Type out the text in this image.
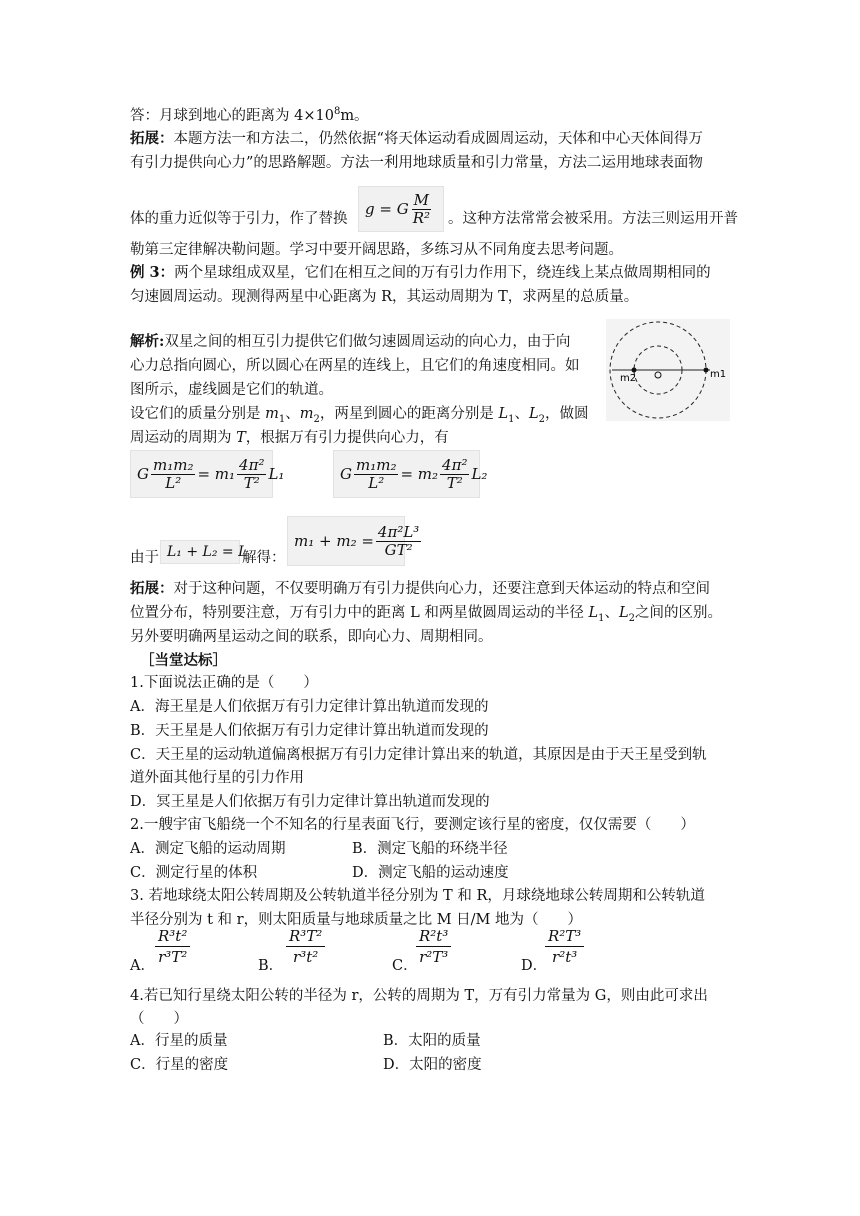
答：月球到地心的距离为 $4\times 10^8m$。
拓展：本题方法一和方法二，仍然依据“将天体运动看成圆周运动，天体和中心天体间得万
有引力提供向心力”的思路解题。方法一利用地球质量和引力常量，方法二运用地球表面物
体的重力近似等于引力，作了替换
g = G $\frac{M}{\text{R²}}$ 。这种方法常常会被采用。方法三则运用开普
勒第三定律解决勒问题。学习中要开阔思路，多练习从不同角度去思考问题。
例 3：两个星球组成双星，它们在相互之间的万有引力作用下，绕连线上某点做周期相同的
匀速圆周运动。现测得两星中心距离为 R，其运动周期为 T，求两星的总质量。
解析:双星之间的相互引力提供它们做匀速圆周运动的向心力，由于向
心力总指向圆心，所以圆心在两星的连线上，且它们的角速度相同。如
图所示，虚线圆是它们的轨道。
设它们的质量分别是 $m_1$、$m_2$，两星到圆心的距离分别是 $L_1$、$L_2$，做圆
周运动的周期为 T，根据万有引力提供向心力，有
m2	m1
G $\frac{\text{m₁m₂}}{\text{L²}} = m_1 \frac{\text{4π²}}{\text{T²}} L_1$	G $\frac{\text{m₁m₂}}{\text{L²}} = m_2 \frac{\text{4π²}}{\text{T²}} L_2$
由于 L₁ + L₂ = L
解得：
$m_1 + m_2 = \frac{\text{4π²L³}}{\text{GT²}}$
拓展：对于这种问题，不仅要明确万有引力提供向心力，还要注意到天体运动的特点和空间
位置分布，特别要注意，万有引力中的距离 L 和两星做圆周运动的半径 $L_1$、$L_2$之间的区别。
另外要明确两星运动之间的联系，即向心力、周期相同。
［当堂达标］
1.下面说法正确的是（　　）
A．海王星是人们依据万有引力定律计算出轨道而发现的
B．天王星是人们依据万有引力定律计算出轨道而发现的
C．天王星的运动轨道偏离根据万有引力定律计算出来的轨道，其原因是由于天王星受到轨
道外面其他行星的引力作用
D．冥王星是人们依据万有引力定律计算出轨道而发现的
2.一艘宇宙飞船绕一个不知名的行星表面飞行，要测定该行星的密度，仅仅需要（　　）
A．测定飞船的运动周期	B．测定飞船的环绕半径
C．测定行星的体积	D．测定飞船的运动速度
3. 若地球绕太阳公转周期及公转轨道半径分别为 T 和 R，月球绕地球公转周期和公转轨道
半径分别为 t 和 r，则太阳质量与地球质量之比 M 日/M 地为（　　）
A． $\frac{\text{R³t²}}{\text{r³T²}}$	B． $\frac{\text{R³T²}}{\text{r³t²}}$	C．
$\frac{\text{R²t³}}{\text{r²T³}}$	D．
$\frac{\text{R²T³}}{\text{r²t³}}$
4.若已知行星绕太阳公转的半径为 r，公转的周期为 T，万有引力常量为 G，则由此可求出
（　　）
A．行星的质量	B．太阳的质量
C．行星的密度	D．太阳的密度
